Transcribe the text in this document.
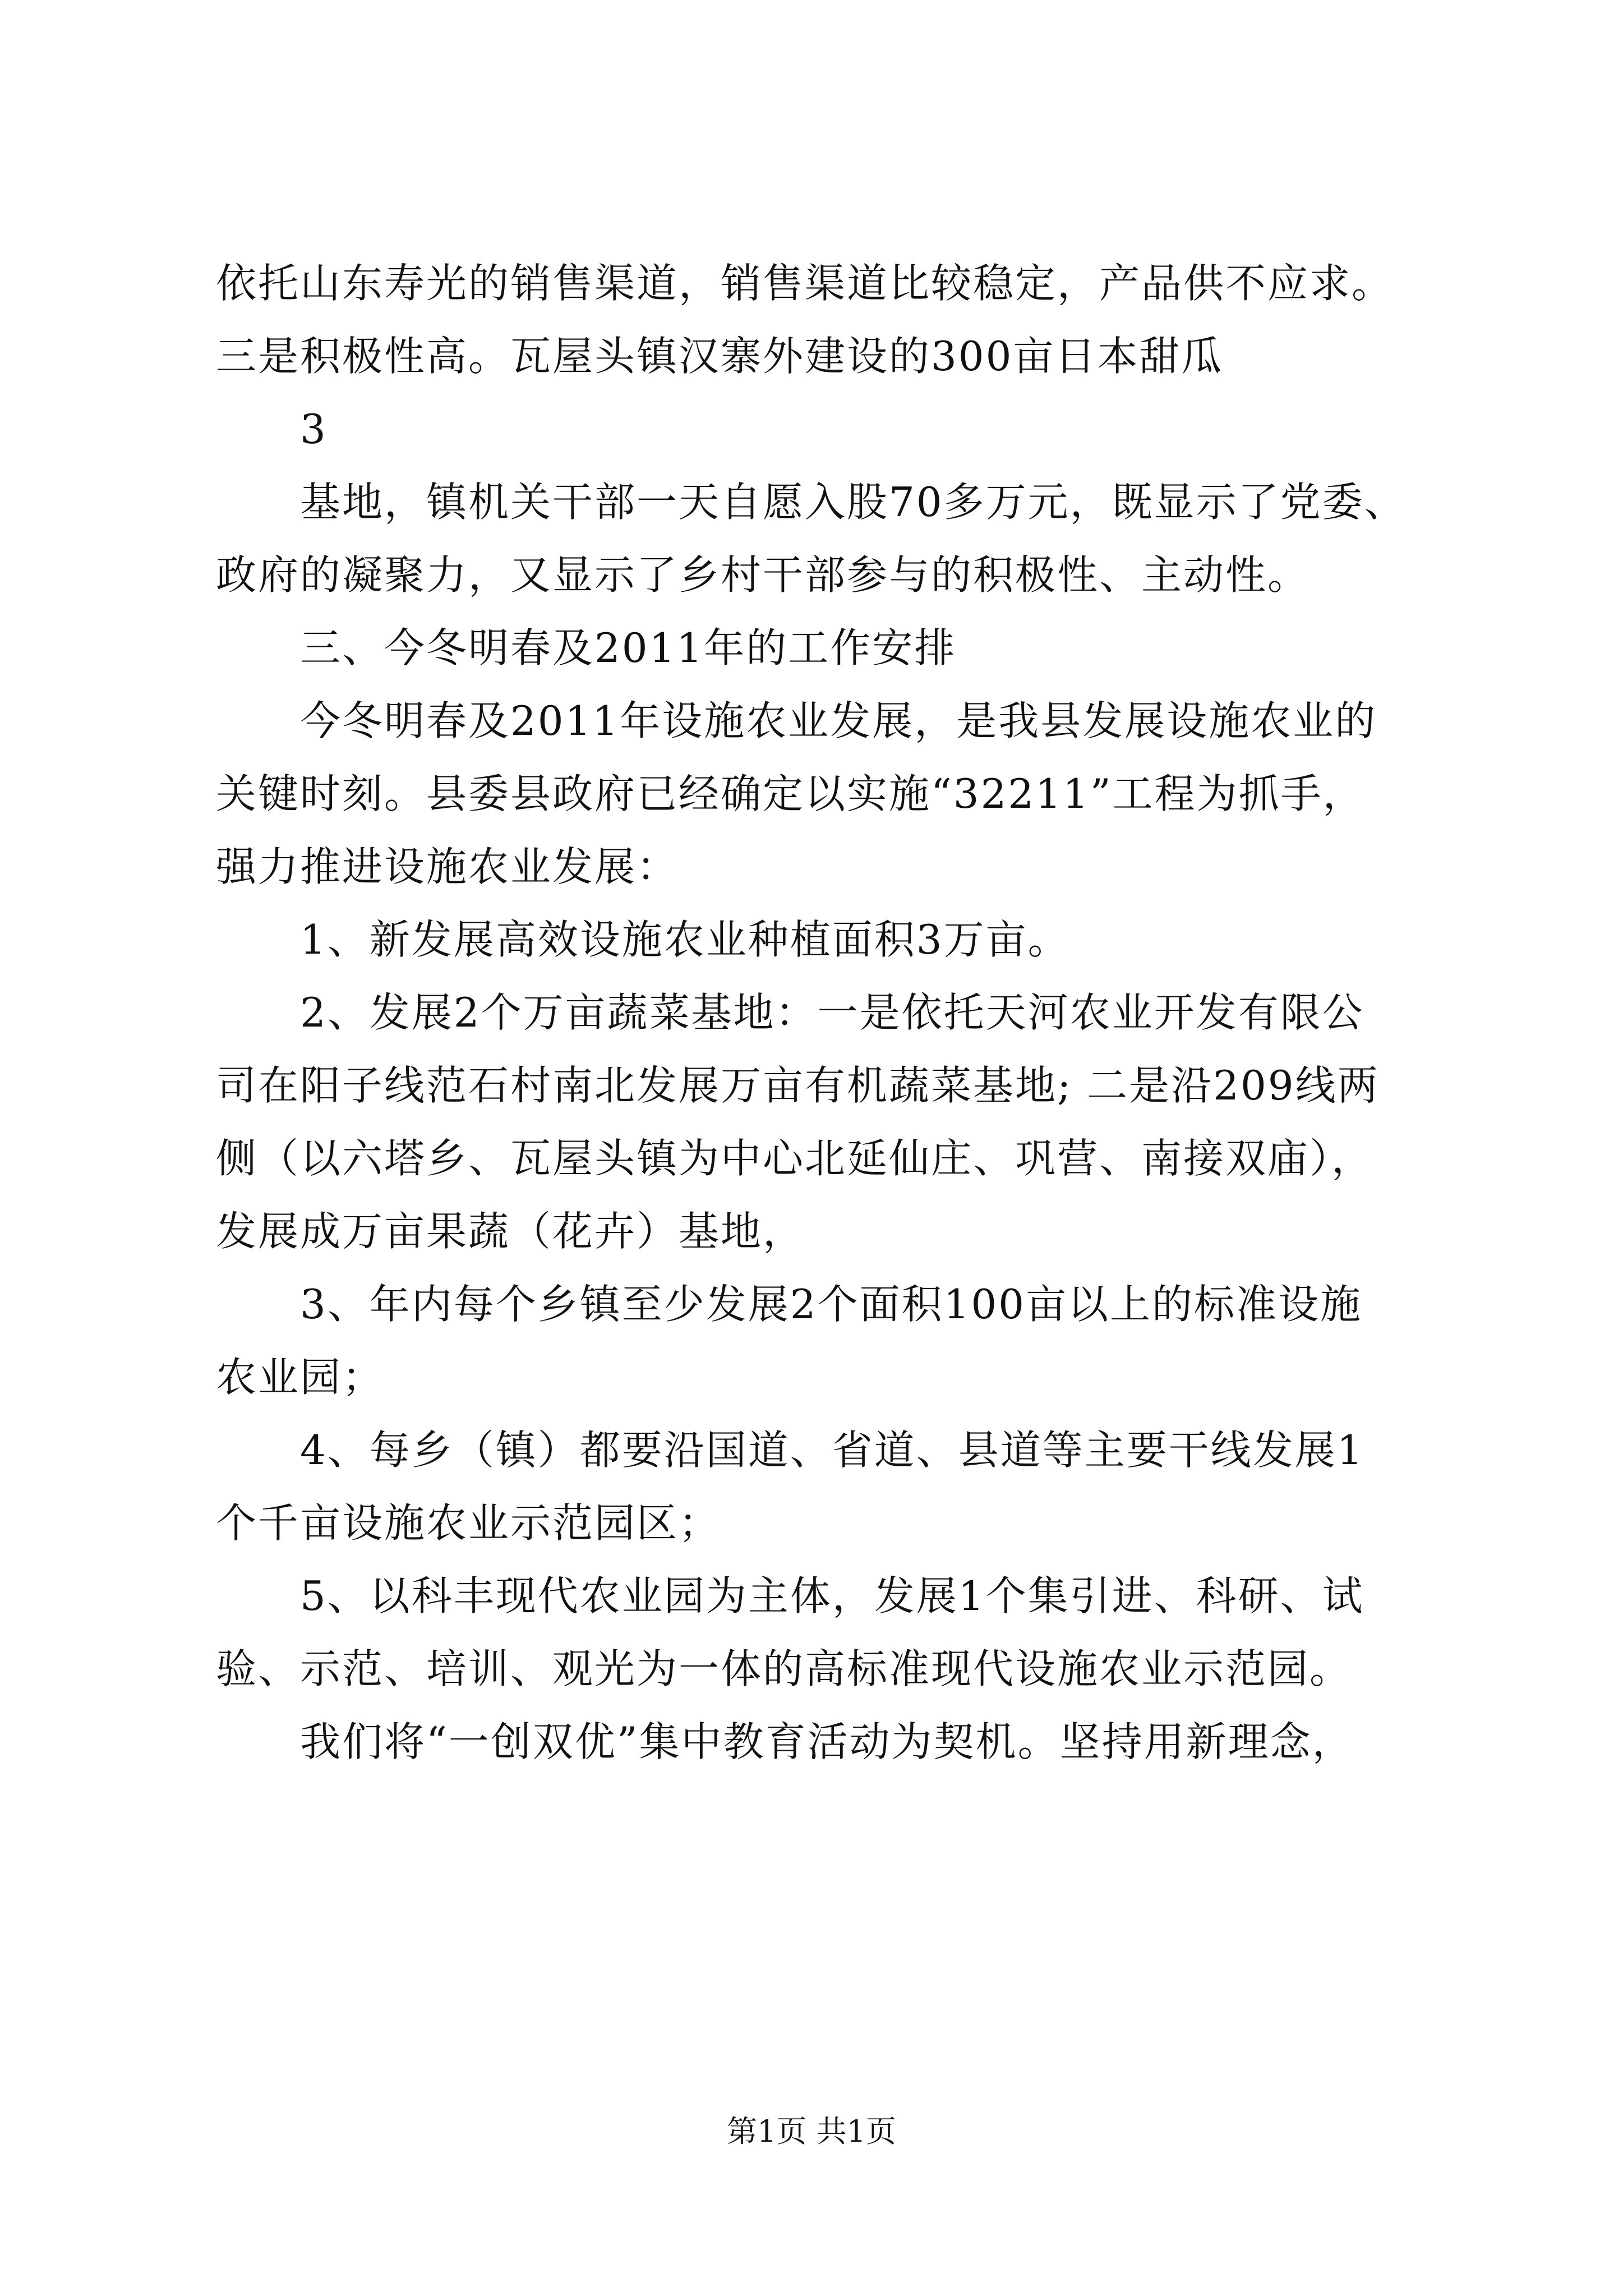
依托山东寿光的销售渠道，销售渠道比较稳定，产品供不应求。
三是积极性高。瓦屋头镇汉寨外建设的300亩日本甜瓜
3
基地，镇机关干部一天自愿入股70多万元，既显示了党委、
政府的凝聚力，又显示了乡村干部参与的积极性、主动性。
三、今冬明春及2011年的工作安排
今冬明春及2011年设施农业发展，是我县发展设施农业的
关键时刻。县委县政府已经确定以实施“32211”工程为抓手，
强力推进设施农业发展：
1、新发展高效设施农业种植面积3万亩。
2、发展2个万亩蔬菜基地：一是依托天河农业开发有限公
司在阳子线范石村南北发展万亩有机蔬菜基地; 二是沿209线两
侧（以六塔乡、瓦屋头镇为中心北延仙庄、巩营、南接双庙），
发展成万亩果蔬（花卉）基地，
3、年内每个乡镇至少发展2个面积100亩以上的标准设施
农业园；
4、每乡（镇）都要沿国道、省道、县道等主要干线发展1
个千亩设施农业示范园区；
5、以科丰现代农业园为主体，发展1个集引进、科研、试
验、示范、培训、观光为一体的高标准现代设施农业示范园。
我们将“一创双优”集中教育活动为契机。坚持用新理念，
第1页 共1页
